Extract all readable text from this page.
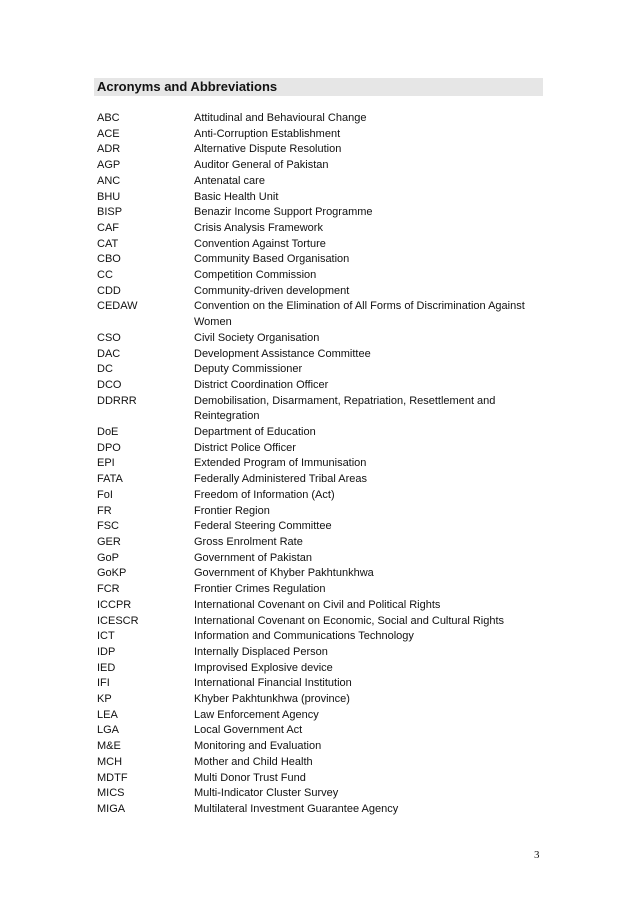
Acronyms and Abbreviations
ABC	Attitudinal and Behavioural Change
ACE	Anti-Corruption Establishment
ADR	Alternative Dispute Resolution
AGP	Auditor General of Pakistan
ANC	Antenatal care
BHU	Basic Health Unit
BISP	Benazir Income Support Programme
CAF	Crisis Analysis Framework
CAT	Convention Against Torture
CBO	Community Based Organisation
CC	Competition Commission
CDD	Community-driven development
CEDAW	Convention on the Elimination of All Forms of Discrimination Against Women
CSO	Civil Society Organisation
DAC	Development Assistance Committee
DC	Deputy Commissioner
DCO	District Coordination Officer
DDRRR	Demobilisation, Disarmament, Repatriation, Resettlement and Reintegration
DoE	Department of Education
DPO	District Police Officer
EPI	Extended Program of Immunisation
FATA	Federally Administered Tribal Areas
FoI	Freedom of Information (Act)
FR	Frontier Region
FSC	Federal Steering Committee
GER	Gross Enrolment Rate
GoP	Government of Pakistan
GoKP	Government of Khyber Pakhtunkhwa
FCR	Frontier Crimes Regulation
ICCPR	International Covenant on Civil and Political Rights
ICESCR	International Covenant on Economic, Social and Cultural Rights
ICT	Information and Communications Technology
IDP	Internally Displaced Person
IED	Improvised Explosive device
IFI	International Financial Institution
KP	Khyber Pakhtunkhwa (province)
LEA	Law Enforcement Agency
LGA	Local Government Act
M&E	Monitoring and Evaluation
MCH	Mother and Child Health
MDTF	Multi Donor Trust Fund
MICS	Multi-Indicator Cluster Survey
MIGA	Multilateral Investment Guarantee Agency
3
